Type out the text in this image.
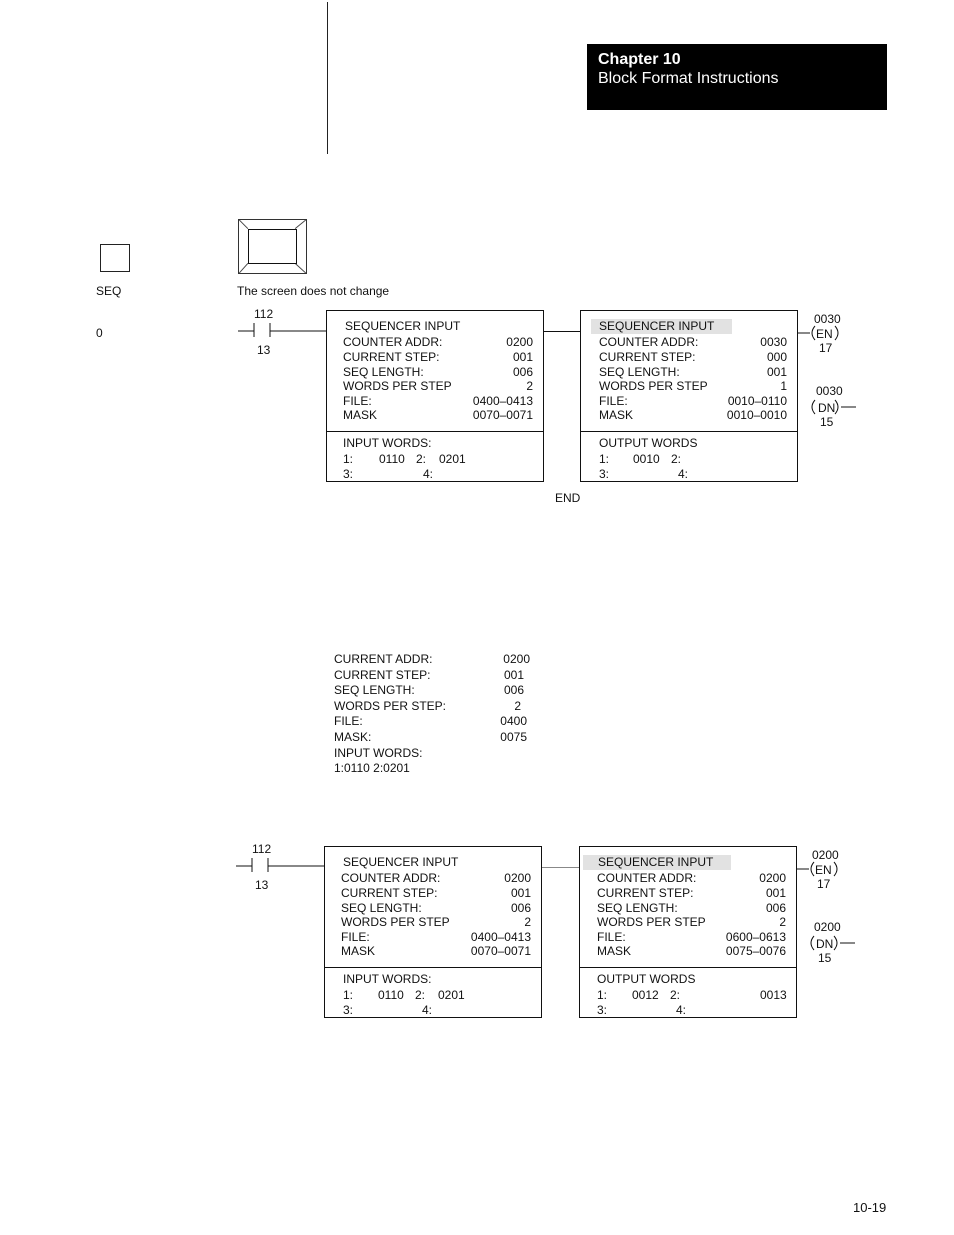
Chapter 10
Block Format Instructions
SEQ
0
The screen does not change
112
13
SEQUENCER INPUT
COUNTER ADDR:	0200
CURRENT STEP:	001
SEQ LENGTH:	006
WORDS PER STEP	2
FILE:	0400–0413
MASK	0070–0071
INPUT WORDS:
1: 0110 2: 0201
3:	4:
SEQUENCER INPUT
COUNTER ADDR:	0030
CURRENT STEP:	000
SEQ LENGTH:	001
WORDS PER STEP	1
FILE:	0010–0110
MASK	0010–0010
OUTPUT WORDS
1: 0010 2:
3:	4:
0030
EN
17
0030
DN
15
END
CURRENT ADDR:	0200
CURRENT STEP:	001
SEQ LENGTH:	006
WORDS PER STEP:	2
FILE:	0400
MASK:	0075
INPUT WORDS:
1:0110 2:0201
112
13
SEQUENCER INPUT
COUNTER ADDR:	0200
CURRENT STEP:	001
SEQ LENGTH:	006
WORDS PER STEP	2
FILE:	0400–0413
MASK	0070–0071
INPUT WORDS:
1: 0110 2: 0201
3:	4:
SEQUENCER INPUT
COUNTER ADDR:	0200
CURRENT STEP:	001
SEQ LENGTH:	006
WORDS PER STEP	2
FILE:	0600–0613
MASK	0075–0076
OUTPUT WORDS
1: 0012 2:	0013
3:	4:
0200
EN
17
0200
DN
15
10-19
